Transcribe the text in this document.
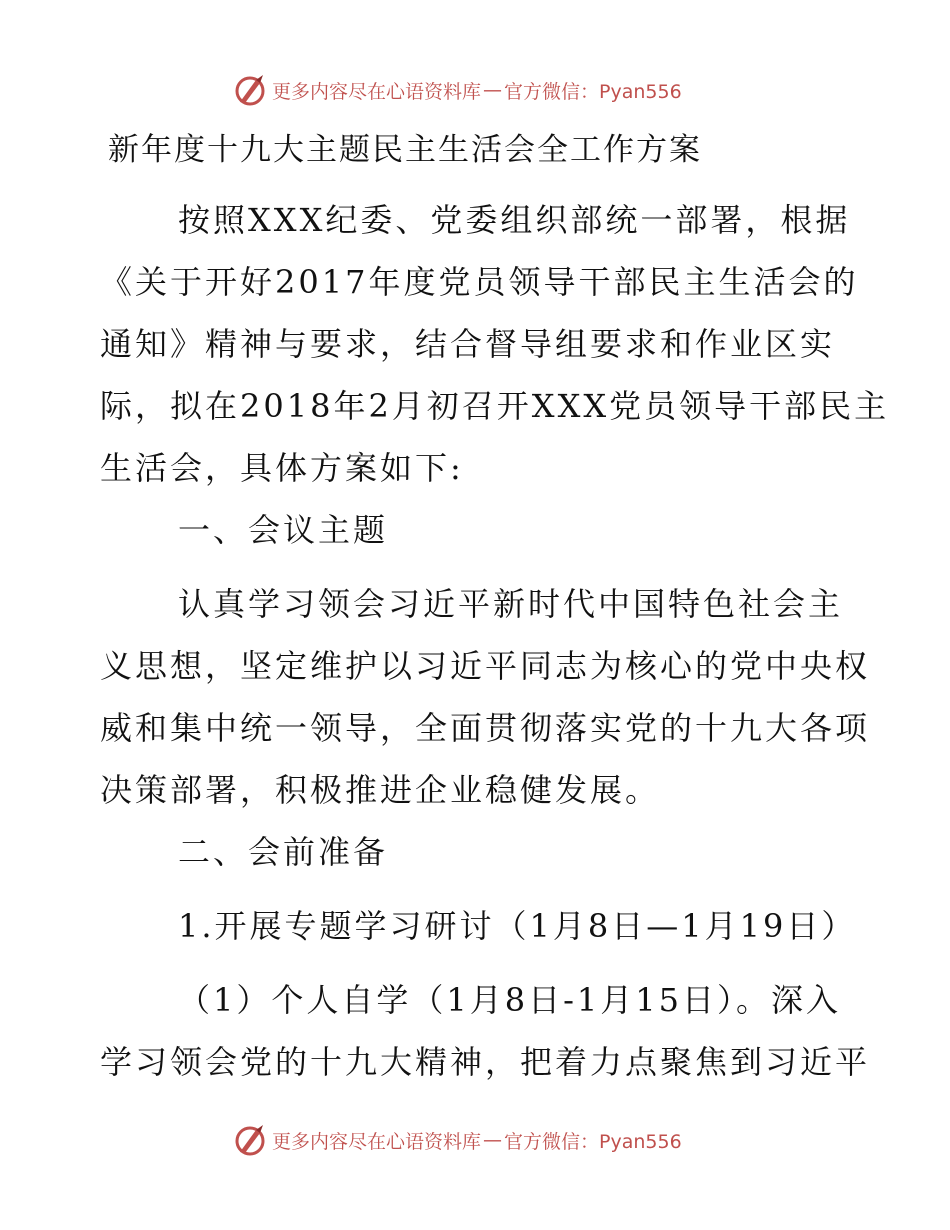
更多内容尽在心语资料库 — 官方微信：Pyan556
新年度十九大主题民主生活会全工作方案
按照XXX纪委、党委组织部统一部署，根据
《关于开好2017年度党员领导干部民主生活会的
通知》精神与要求，结合督导组要求和作业区实
际，拟在2018年2月初召开XXX党员领导干部民主
生活会，具体方案如下:
一、会议主题
认真学习领会习近平新时代中国特色社会主
义思想，坚定维护以习近平同志为核心的党中央权
威和集中统一领导，全面贯彻落实党的十九大各项
决策部署，积极推进企业稳健发展。
二、会前准备
1.开展专题学习研讨（1月8日—1月19日）
（1）个人自学（1月8日-1月15日）。深入
学习领会党的十九大精神，把着力点聚焦到习近平
更多内容尽在心语资料库 — 官方微信：Pyan556
